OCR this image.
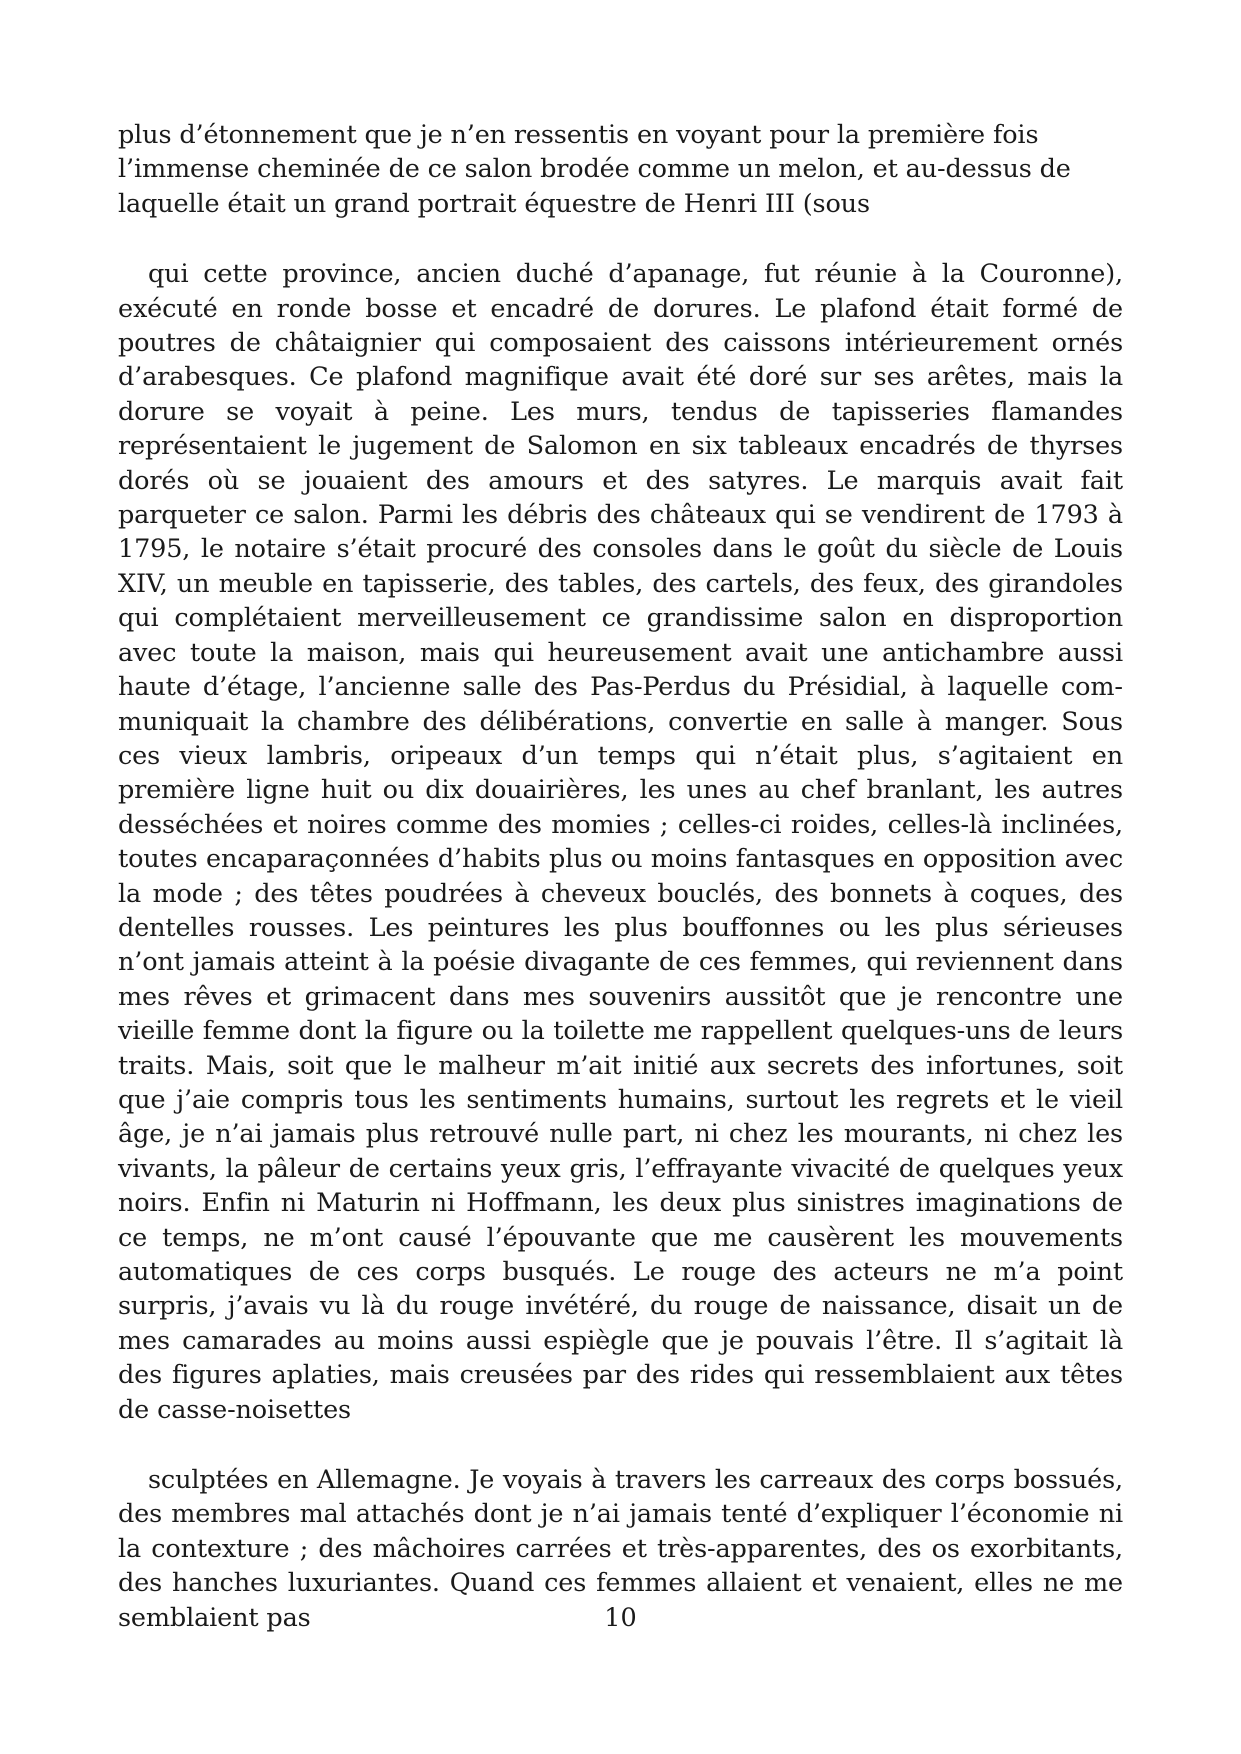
plus d’étonnement que je n’en ressentis en voyant pour la première fois l’immense cheminée de ce salon brodée comme un melon, et au-dessus de laquelle était un grand portrait équestre de Henri III (sous

qui cette province, ancien duché d’apanage, fut réunie à la Couronne), exécuté en ronde bosse et encadré de dorures. Le plafond était formé de poutres de châtaignier qui composaient des caissons intérieurement ornés d’arabesques. Ce plafond magnifique avait été doré sur ses arêtes, mais la dorure se voyait à peine. Les murs, tendus de tapisseries flamandes représentaient le jugement de Salomon en six tableaux encadrés de thyrses dorés où se jouaient des amours et des satyres. Le marquis avait fait parqueter ce salon. Parmi les débris des châteaux qui se vendirent de 1793 à 1795, le notaire s’était procuré des consoles dans le goût du siècle de Louis XIV, un meuble en tapisserie, des tables, des cartels, des feux, des girandoles qui complétaient merveilleusement ce grandissime salon en disproportion avec toute la maison, mais qui heureusement avait une antichambre aussi haute d’étage, l’ancienne salle des Pas-Perdus du Présidial, à laquelle communiquait la chambre des délibérations, convertie en salle à manger. Sous ces vieux lambris, oripeaux d’un temps qui n’était plus, s’agitaient en première ligne huit ou dix douairières, les unes au chef branlant, les autres desséchées et noires comme des momies ; celles-ci roides, celles-là inclinées, toutes encaparaçonnées d’habits plus ou moins fantasques en opposition avec la mode ; des têtes poudrées à cheveux bouclés, des bonnets à coques, des dentelles rousses. Les peintures les plus bouffonnes ou les plus sérieuses n’ont jamais atteint à la poésie divagante de ces femmes, qui reviennent dans mes rêves et grimacent dans mes souvenirs aussitôt que je rencontre une vieille femme dont la figure ou la toilette me rappellent quelques-uns de leurs traits. Mais, soit que le malheur m’ait initié aux secrets des infortunes, soit que j’aie compris tous les sentiments humains, surtout les regrets et le vieil âge, je n’ai jamais plus retrouvé nulle part, ni chez les mourants, ni chez les vivants, la pâleur de certains yeux gris, l’effrayante vivacité de quelques yeux noirs. Enfin ni Maturin ni Hoffmann, les deux plus sinistres imaginations de ce temps, ne m’ont causé l’épouvante que me causèrent les mouvements automatiques de ces corps busqués. Le rouge des acteurs ne m’a point surpris, j’avais vu là du rouge invétéré, du rouge de naissance, disait un de mes camarades au moins aussi espiègle que je pouvais l’être. Il s’agitait là des figures aplaties, mais creusées par des rides qui ressemblaient aux têtes de casse-noisettes

sculptées en Allemagne. Je voyais à travers les carreaux des corps bossués, des membres mal attachés dont je n’ai jamais tenté d’expliquer l’économie ni la contexture ; des mâchoires carrées et très-apparentes, des os exorbitants, des hanches luxuriantes. Quand ces femmes allaient et venaient, elles ne me semblaient pas	10
